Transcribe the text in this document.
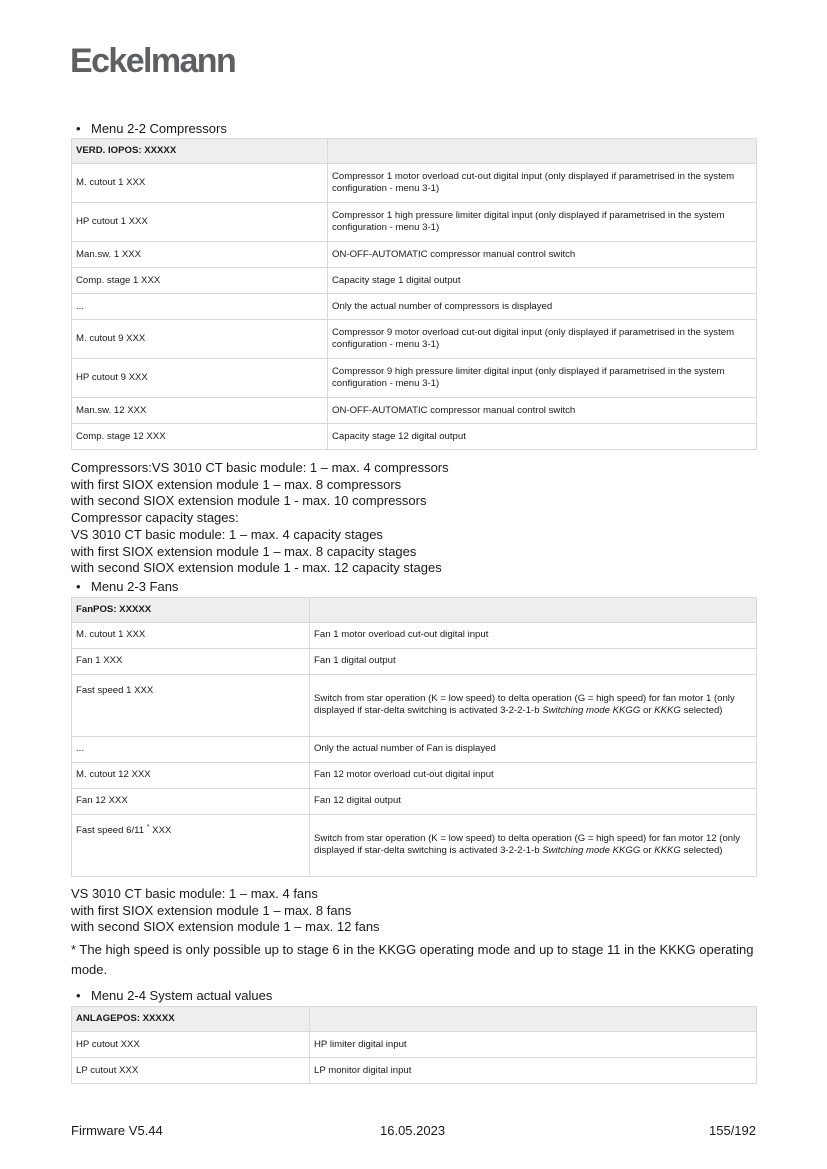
Eckelmann
• Menu 2-2 Compressors
VERD. IOPOS: XXXXX	
M. cutout 1 XXX	Compressor 1 motor overload cut-out digital input (only displayed if parametrised in the system configuration - menu 3-1)
HP cutout 1 XXX	Compressor 1 high pressure limiter digital input (only displayed if parametrised in the system configuration - menu 3-1)
Man.sw. 1 XXX	ON-OFF-AUTOMATIC compressor manual control switch
Comp. stage 1 XXX	Capacity stage 1 digital output
...	Only the actual number of compressors is displayed
M. cutout 9 XXX	Compressor 9 motor overload cut-out digital input (only displayed if parametrised in the system configuration - menu 3-1)
HP cutout 9 XXX	Compressor 9 high pressure limiter digital input (only displayed if parametrised in the system configuration - menu 3-1)
Man.sw. 12 XXX	ON-OFF-AUTOMATIC compressor manual control switch
Comp. stage 12 XXX	Capacity stage 12 digital output
Compressors:VS 3010 CT basic module: 1 – max. 4 compressors
with first SIOX extension module 1 – max. 8 compressors
with second SIOX extension module 1 - max. 10 compressors
Compressor capacity stages:
VS 3010 CT basic module: 1 – max. 4 capacity stages
with first SIOX extension module 1 – max. 8 capacity stages
with second SIOX extension module 1 - max. 12 capacity stages
• Menu 2-3 Fans
FanPOS: XXXXX	
M. cutout 1 XXX	Fan 1 motor overload cut-out digital input
Fan 1 XXX	Fan 1 digital output
Fast speed 1 XXX	Switch from star operation (K = low speed) to delta operation (G = high speed) for fan motor 1 (only displayed if star-delta switching is activated 3-2-2-1-b Switching mode KKGG or KKKG selected)
...	Only the actual number of Fan is displayed
M. cutout 12 XXX	Fan 12 motor overload cut-out digital input
Fan 12 XXX	Fan 12 digital output
Fast speed 6/11 * XXX	Switch from star operation (K = low speed) to delta operation (G = high speed) for fan motor 12 (only displayed if star-delta switching is activated 3-2-2-1-b Switching mode KKGG or KKKG selected)
VS 3010 CT basic module: 1 – max. 4 fans
with first SIOX extension module 1 – max. 8 fans
with second SIOX extension module 1 – max. 12 fans
* The high speed is only possible up to stage 6 in the KKGG operating mode and up to stage 11 in the KKKG operating mode.
• Menu 2-4 System actual values
ANLAGEPOS: XXXXX	
HP cutout XXX	HP limiter digital input
LP cutout XXX	LP monitor digital input
Firmware V5.44	16.05.2023	155/192
